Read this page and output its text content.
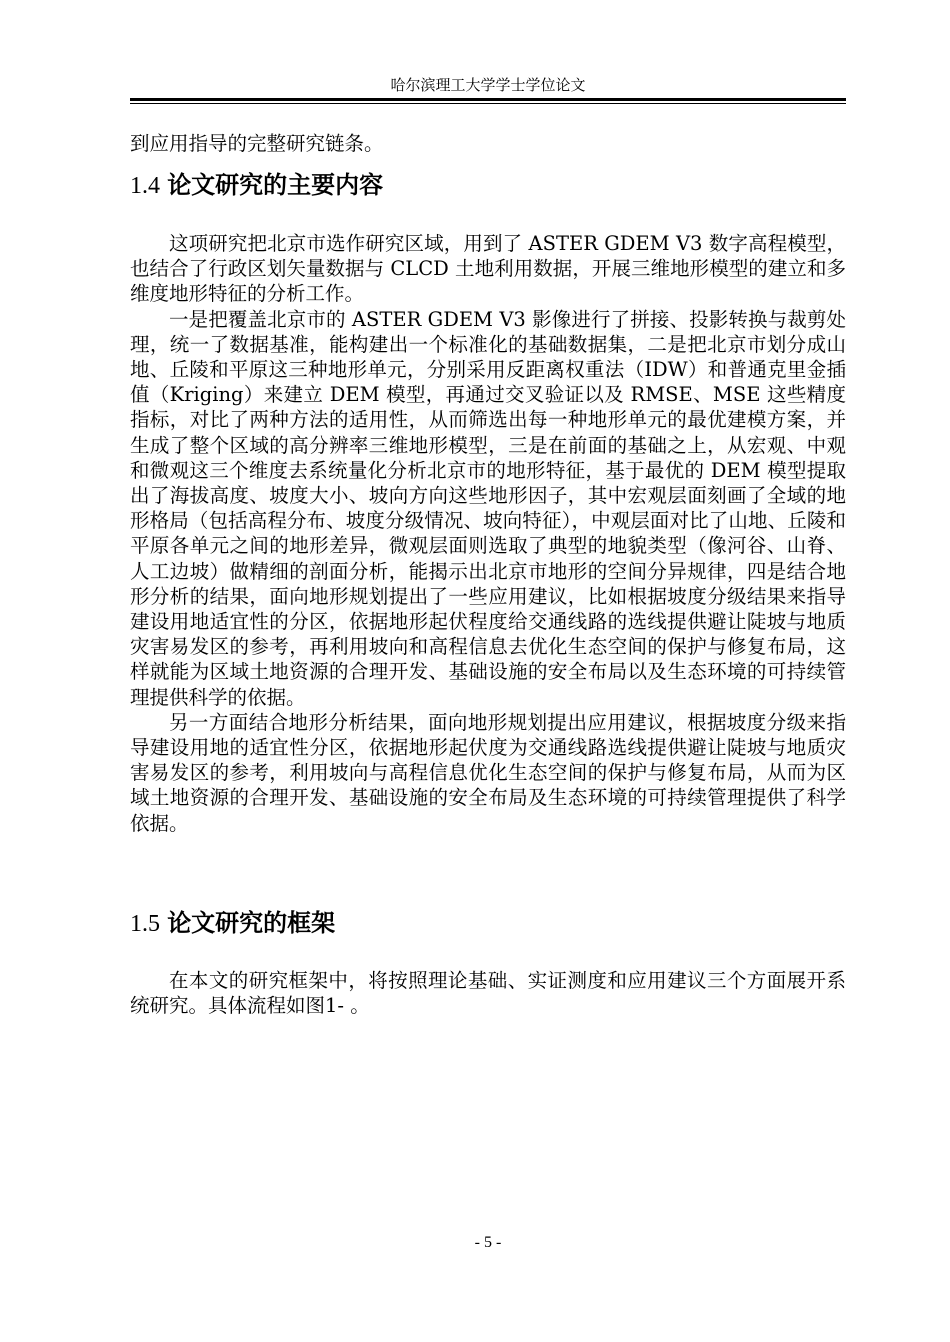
哈尔滨理工大学学士学位论文

到应用指导的完整研究链条。

1.4 论文研究的主要内容

这项研究把北京市选作研究区域，用到了 ASTER GDEM V3 数字高程模型，也结合了行政区划矢量数据与 CLCD 土地利用数据，开展三维地形模型的建立和多维度地形特征的分析工作。

一是把覆盖北京市的 ASTER GDEM V3 影像进行了拼接、投影转换与裁剪处理，统一了数据基准，能构建出一个标准化的基础数据集，二是把北京市划分成山地、丘陵和平原这三种地形单元，分别采用反距离权重法（IDW）和普通克里金插值（Kriging）来建立 DEM 模型，再通过交叉验证以及 RMSE、MSE 这些精度指标，对比了两种方法的适用性，从而筛选出每一种地形单元的最优建模方案，并生成了整个区域的高分辨率三维地形模型，三是在前面的基础之上，从宏观、中观和微观这三个维度去系统量化分析北京市的地形特征，基于最优的 DEM 模型提取出了海拔高度、坡度大小、坡向方向这些地形因子，其中宏观层面刻画了全域的地形格局（包括高程分布、坡度分级情况、坡向特征），中观层面对比了山地、丘陵和平原各单元之间的地形差异，微观层面则选取了典型的地貌类型（像河谷、山脊、人工边坡）做精细的剖面分析，能揭示出北京市地形的空间分异规律，四是结合地形分析的结果，面向地形规划提出了一些应用建议，比如根据坡度分级结果来指导建设用地适宜性的分区，依据地形起伏程度给交通线路的选线提供避让陡坡与地质灾害易发区的参考，再利用坡向和高程信息去优化生态空间的保护与修复布局，这样就能为区域土地资源的合理开发、基础设施的安全布局以及生态环境的可持续管理提供科学的依据。

另一方面结合地形分析结果，面向地形规划提出应用建议，根据坡度分级来指导建设用地的适宜性分区，依据地形起伏度为交通线路选线提供避让陡坡与地质灾害易发区的参考，利用坡向与高程信息优化生态空间的保护与修复布局，从而为区域土地资源的合理开发、基础设施的安全布局及生态环境的可持续管理提供了科学依据。

1.5 论文研究的框架

在本文的研究框架中，将按照理论基础、实证测度和应用建议三个方面展开系统研究。具体流程如图1- 。

- 5 -
